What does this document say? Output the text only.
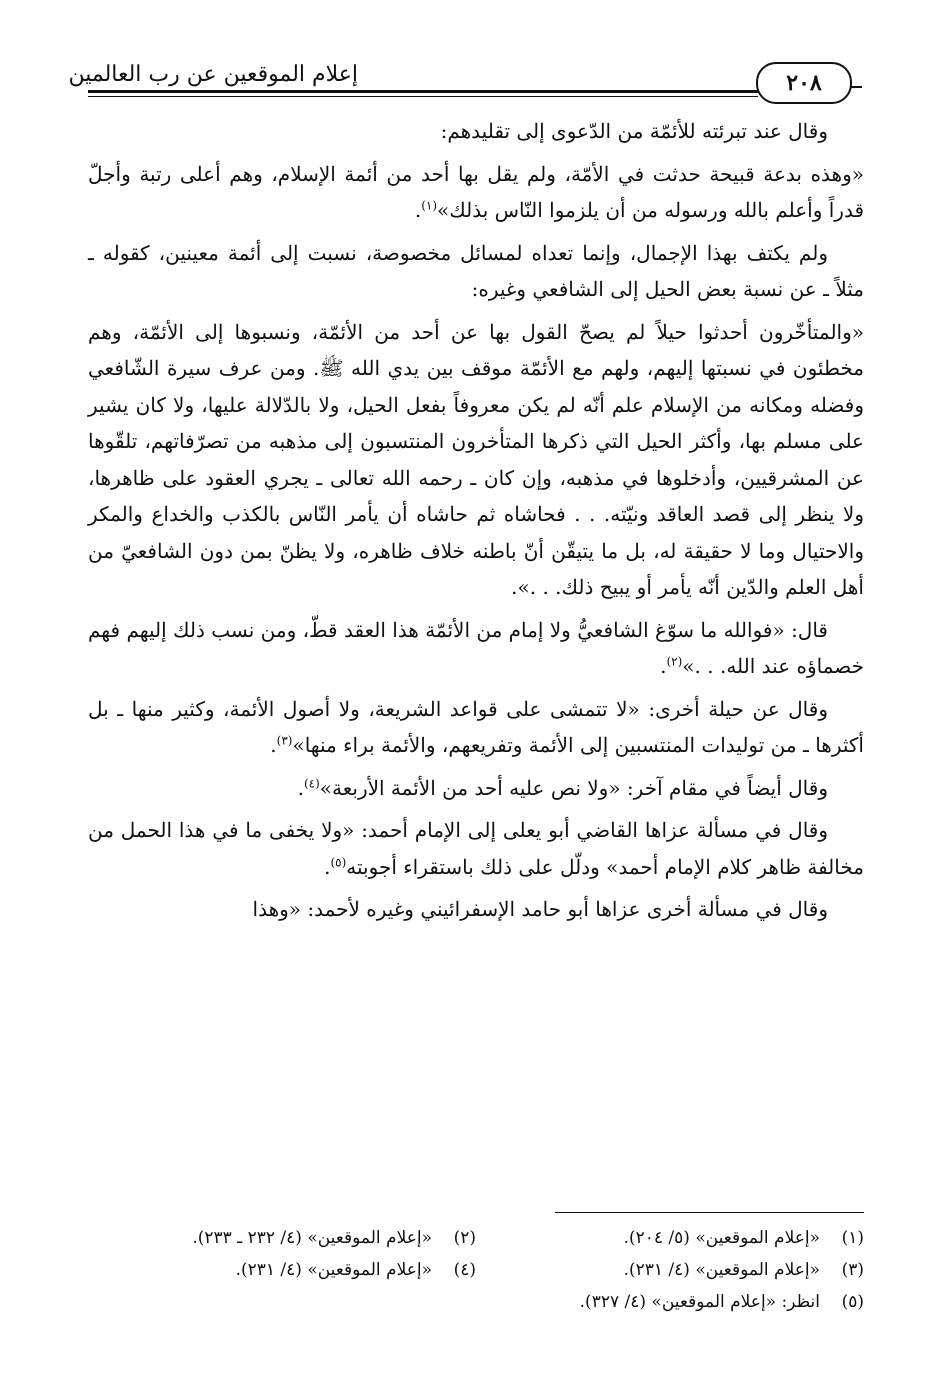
إعلام الموقعين عن رب العالمين	٢٠٨

وقال عند تبرئته للأئمّة من الدّعوى إلى تقليدهم:

«وهذه بدعة قبيحة حدثت في الأمّة، ولم يقل بها أحد من أئمة الإسلام، وهم أعلى رتبة وأجلّ قدراً وأعلم بالله ورسوله من أن يلزموا النّاس بذلك»$^{(١)}$.

ولم يكتف بهذا الإجمال، وإنما تعداه لمسائل مخصوصة، نسبت إلى أئمة معينين، كقوله ـ مثلاً ـ عن نسبة بعض الحيل إلى الشافعي وغيره:

«والمتأخّرون أحدثوا حيلاً لم يصحّ القول بها عن أحد من الأئمّة، ونسبوها إلى الأئمّة، وهم مخطئون في نسبتها إليهم، ولهم مع الأئمّة موقف بين يدي الله ﷺ. ومن عرف سيرة الشّافعي وفضله ومكانه من الإسلام علم أنّه لم يكن معروفاً بفعل الحيل، ولا بالدّلالة عليها، ولا كان يشير على مسلم بها، وأكثر الحيل التي ذكرها المتأخرون المنتسبون إلى مذهبه من تصرّفاتهم، تلقّوها عن المشرقيين، وأدخلوها في مذهبه، وإن كان ـ رحمه الله تعالى ـ يجري العقود على ظاهرها، ولا ينظر إلى قصد العاقد ونيّته. . . فحاشاه ثم حاشاه أن يأمر النّاس بالكذب والخداع والمكر والاحتيال وما لا حقيقة له، بل ما يتيقّن أنّ باطنه خلاف ظاهره، ولا يظنّ بمن دون الشافعيّ من أهل العلم والدّين أنّه يأمر أو يبيح ذلك. . .».

قال: «فوالله ما سوّغ الشافعيُّ ولا إمام من الأئمّة هذا العقد قطّ، ومن نسب ذلك إليهم فهم خصماؤه عند الله. . .»$^{(٢)}$.

وقال عن حيلة أخرى: «لا تتمشى على قواعد الشريعة، ولا أصول الأئمة، وكثير منها ـ بل أكثرها ـ من توليدات المنتسبين إلى الأئمة وتفريعهم، والأئمة براء منها»$^{(٣)}$.

وقال أيضاً في مقام آخر: «ولا نص عليه أحد من الأئمة الأربعة»$^{(٤)}$.

وقال في مسألة عزاها القاضي أبو يعلى إلى الإمام أحمد: «ولا يخفى ما في هذا الحمل من مخالفة ظاهر كلام الإمام أحمد» ودلّل على ذلك باستقراء أجوبته$^{(٥)}$.

وقال في مسألة أخرى عزاها أبو حامد الإسفرائيني وغيره لأحمد: «وهذا

(١)«إعلام الموقعين» (٥/ ٢٠٤).
(٢)«إعلام الموقعين» (٤/ ٢٣٢ ـ ٢٣٣).
(٣)«إعلام الموقعين» (٤/ ٢٣١).
(٤)«إعلام الموقعين» (٤/ ٢٣١).
(٥)انظر: «إعلام الموقعين» (٤/ ٣٢٧).
